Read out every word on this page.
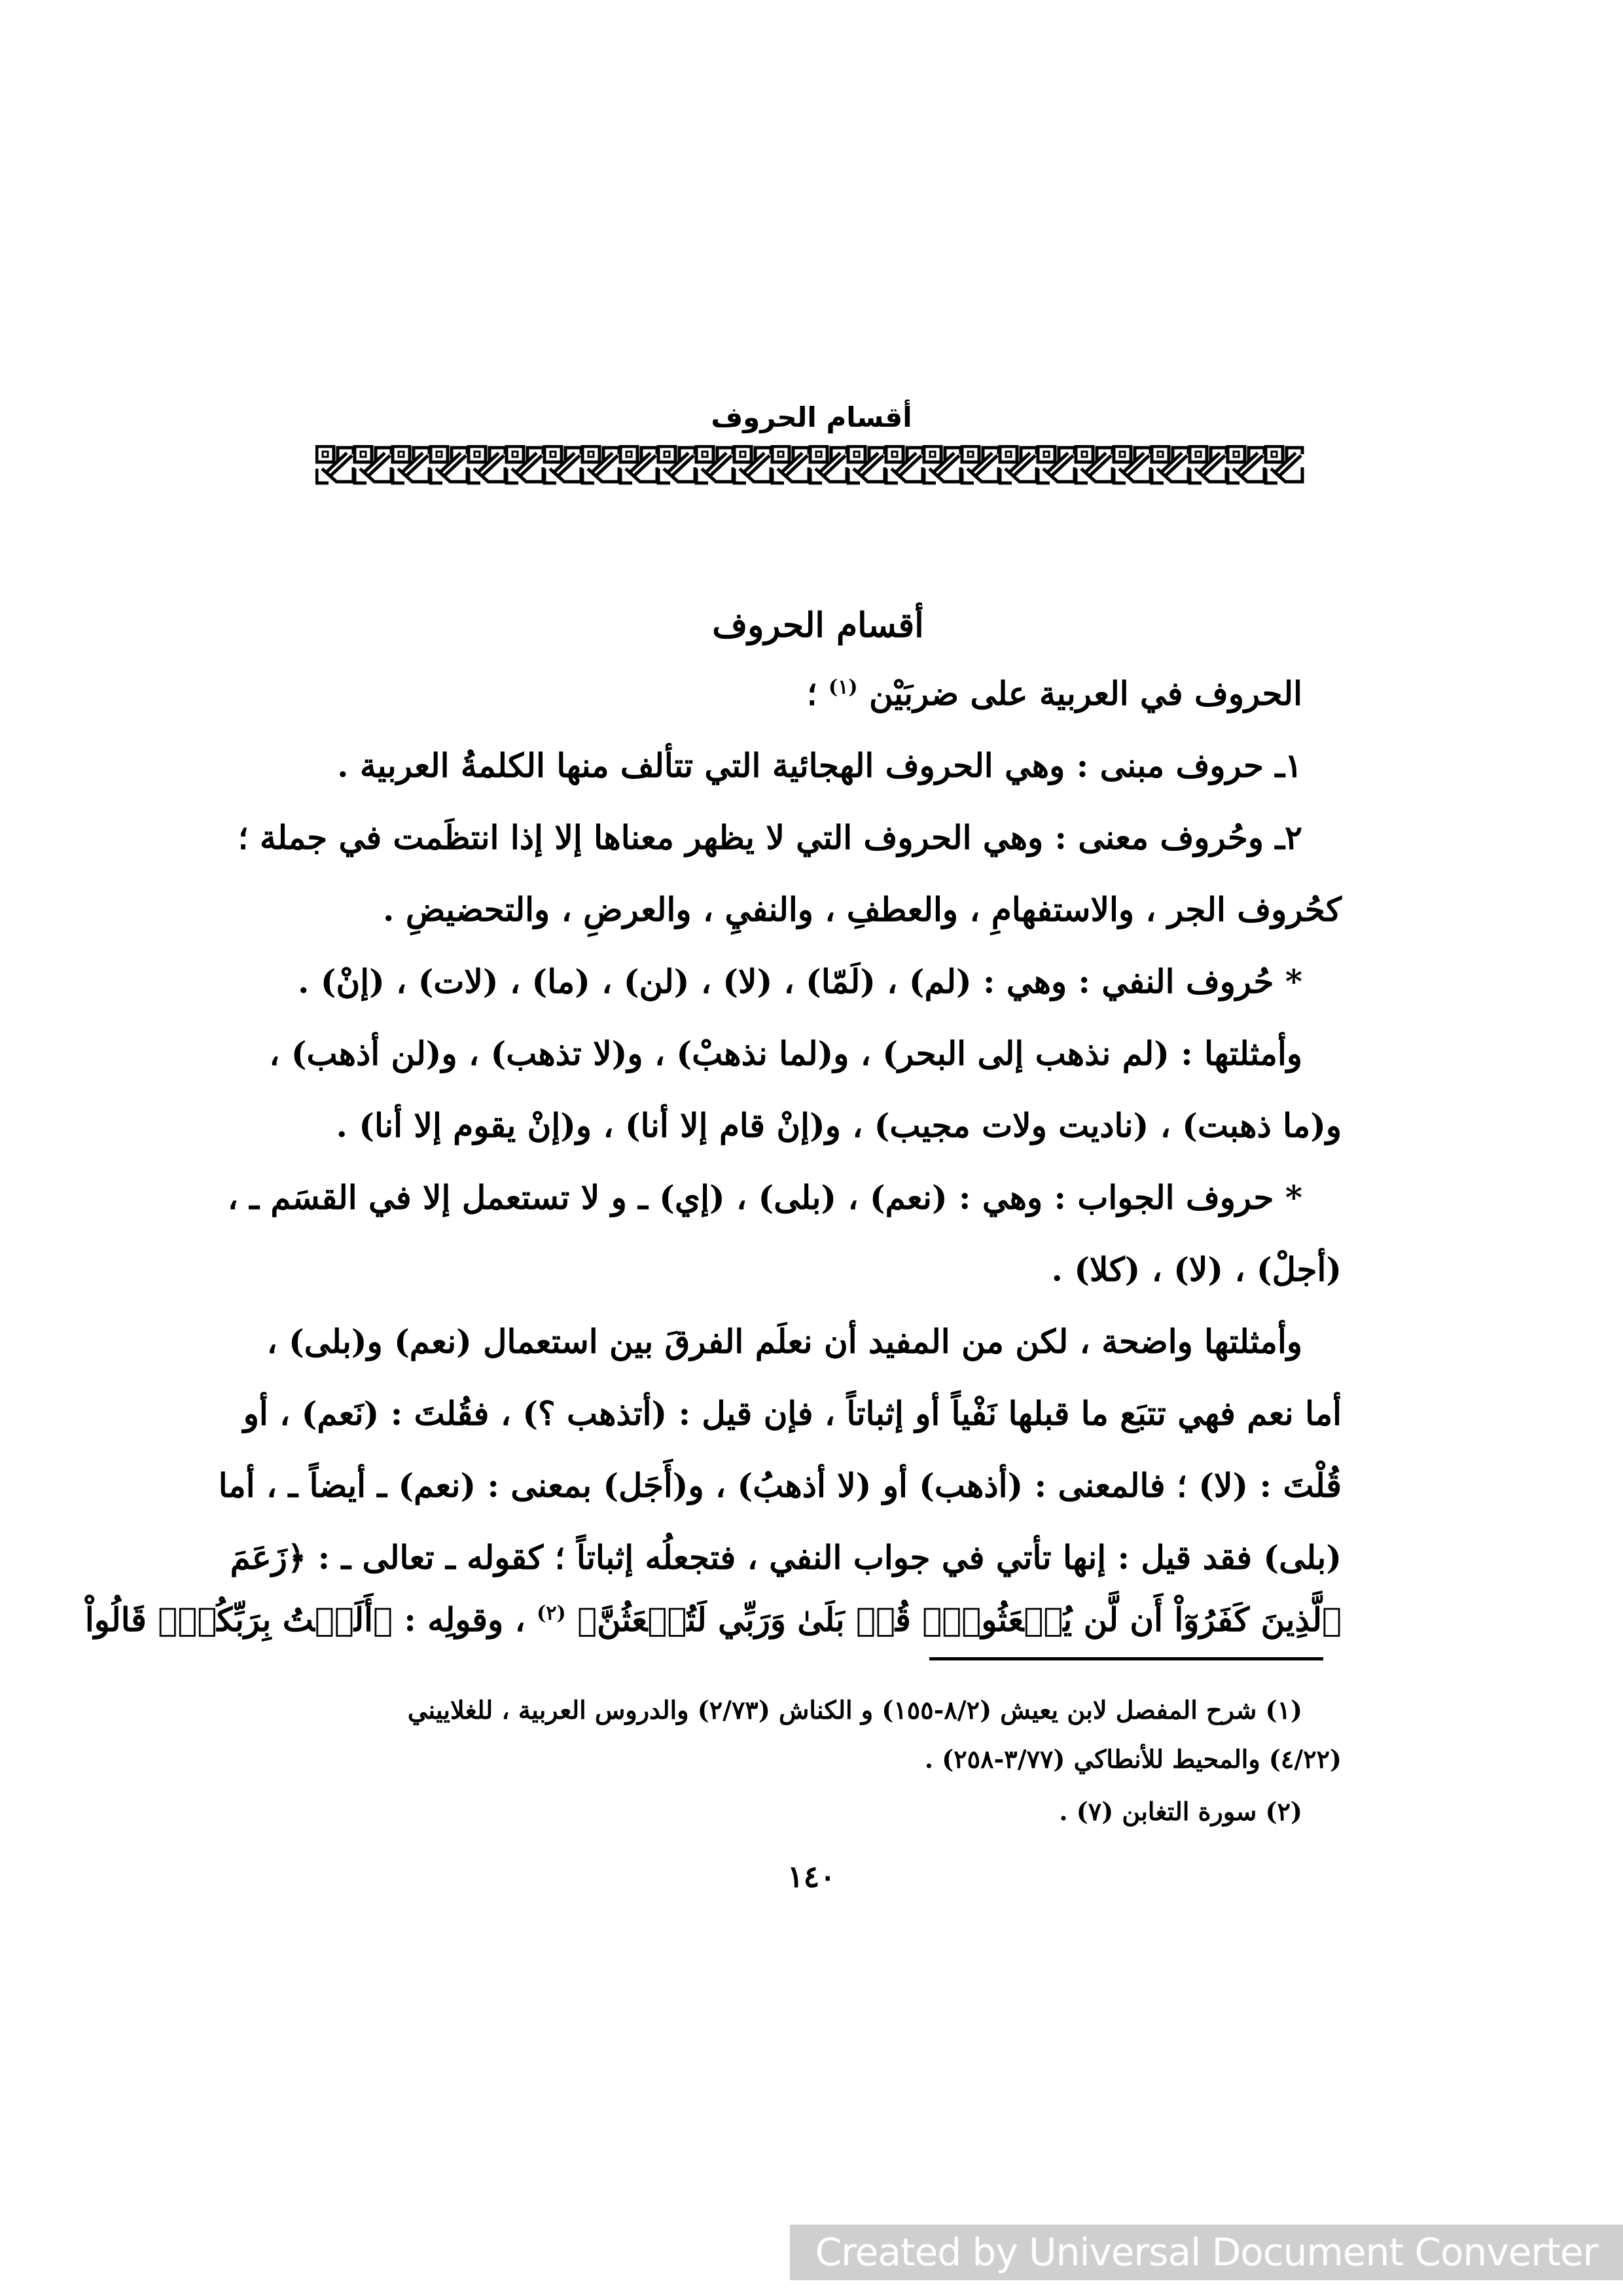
أقسام الحروف
أقسام الحروف
الحروف في العربية على ضربَيْن $^{(١)}$ ؛
١ـ حروف مبنى : وهي الحروف الهجائية التي تتألف منها الكلمةُ العربية .
٢ـ وحُروف معنى : وهي الحروف التي لا يظهر معناها إلا إذا انتظَمت في جملة ؛
كحُروف الجر ، والاستفهامِ ، والعطفِ ، والنفيِ ، والعرضِ ، والتحضيضِ .
* حُروف النفي : وهي : (لم) ، (لَمّا) ، (لا) ، (لن) ، (ما) ، (لات) ، (إنْ) .
وأمثلتها : (لم نذهب إلى البحر) ، و(لما نذهبْ) ، و(لا تذهب) ، و(لن أذهب) ،
و(ما ذهبت) ، (ناديت ولات مجيب) ، و(إنْ قام إلا أنا) ، و(إنْ يقوم إلا أنا) .
* حروف الجواب : وهي : (نعم) ، (بلى) ، (إي) ـ و لا تستعمل إلا في القسَم ـ ،
(أجلْ) ، (لا) ، (كلا) .
وأمثلتها واضحة ، لكن من المفيد أن نعلَم الفرقَ بين استعمال (نعم) و(بلى) ،
أما نعم فهي تتبَع ما قبلها نَفْياً أو إثباتاً ، فإن قيل : (أتذهب ؟) ، فقُلتَ : (نَعم) ، أو
قُلْتَ : (لا) ؛ فالمعنى : (أذهب) أو (لا أذهبُ) ، و(أَجَل) بمعنى : (نعم) ـ أيضاً ـ ، أما
(بلى) فقد قيل : إنها تأتي في جواب النفي ، فتجعلُه إثباتاً ؛ كقوله ـ تعالى ـ : ﴿زَعَمَ
ٱلَّذِينَ كَفَرُوٓاْ أَن لَّن يُبۡعَثُواْۚ قُلۡ بَلَىٰ وَرَبِّي لَتُبۡعَثُنَّ﴾ $^{(٢)}$ ، وقولِه : ﴿أَلَسۡتُ بِرَبِّكُمۡۖ قَالُواْ
(١) شرح المفصل لابن يعيش (٨/٢-١٥٥) و الكناش (٢/٧٣) والدروس العربية ، للغلاييني
(٤/٢٢) والمحيط للأنطاكي (٣/٧٧-٢٥٨) .
(٢) سورة التغابن (٧) .
١٤٠
Created by Universal Document Converter
